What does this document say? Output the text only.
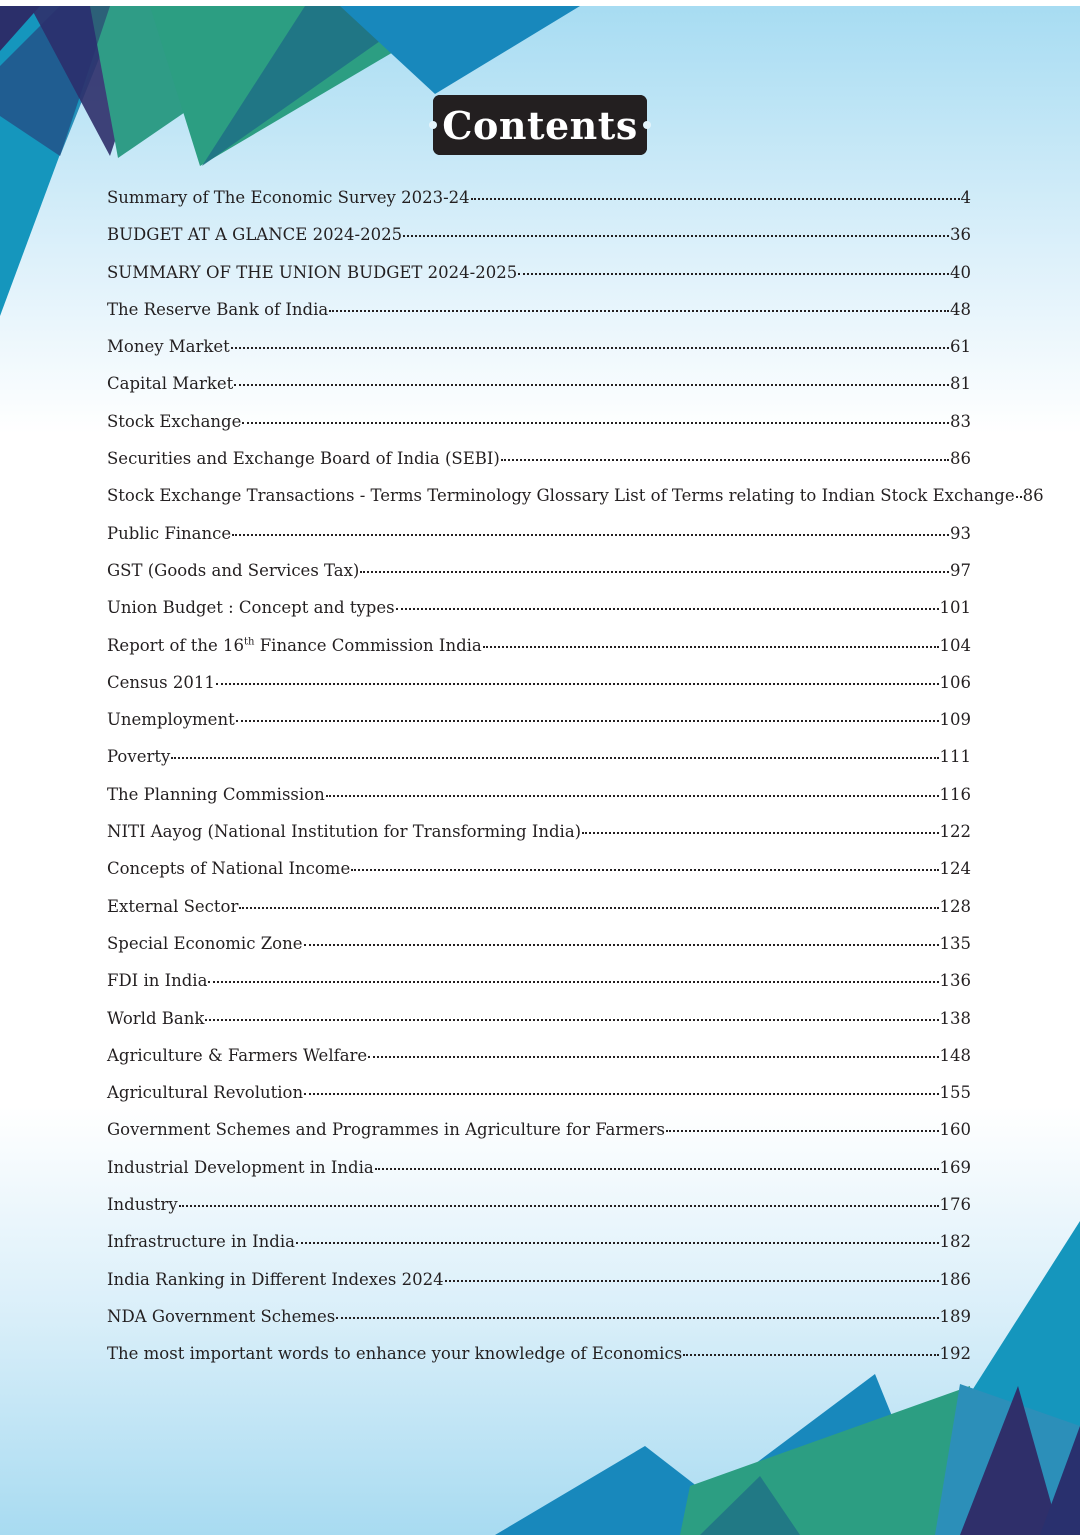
Contents
Summary of The Economic Survey 2023-24	4
BUDGET AT A GLANCE 2024-2025	36
SUMMARY OF THE UNION BUDGET 2024-2025	40
The Reserve Bank of India	48
Money Market	61
Capital Market	81
Stock Exchange	83
Securities and Exchange Board of India (SEBI)	86
Stock Exchange Transactions - Terms Terminology Glossary List of Terms relating to Indian Stock Exchange 86
Public Finance	93
GST (Goods and Services Tax)	97
Union Budget : Concept and types	101
Report of the 16th Finance Commission India	104
Census 2011	106
Unemployment	109
Poverty	111
The Planning Commission	116
NITI Aayog (National Institution for Transforming India)	122
Concepts of National Income	124
External Sector	128
Special Economic Zone	135
FDI in India	136
World Bank	138
Agriculture & Farmers Welfare	148
Agricultural Revolution	155
Government Schemes and Programmes in Agriculture for Farmers	160
Industrial Development in India	169
Industry	176
Infrastructure in India	182
India Ranking in Different Indexes 2024	186
NDA Government Schemes	189
The most important words to enhance your knowledge of Economics	192
